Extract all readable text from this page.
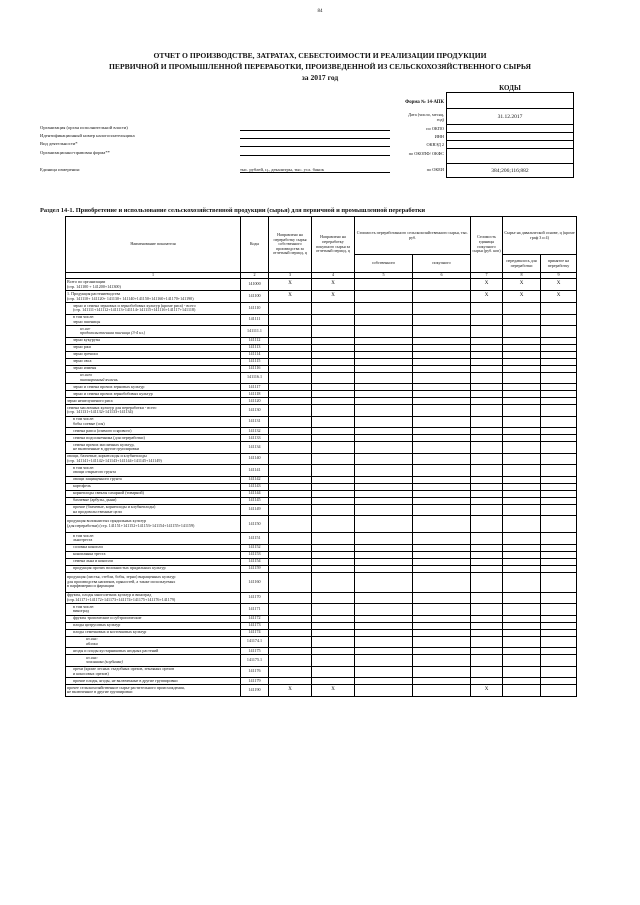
84
ОТЧЕТ О ПРОИЗВОДСТВЕ, ЗАТРАТАХ, СЕБЕСТОИМОСТИ И РЕАЛИЗАЦИИ ПРОДУКЦИИ
ПЕРВИЧНОЙ И ПРОМЫШЛЕННОЙ ПЕРЕРАБОТКИ, ПРОИЗВЕДЕННОЙ ИЗ СЕЛЬСКОХОЗЯЙСТВЕННОГО СЫРЬЯ
за 2017 год
КОДЫ
31.12.2017
384;206;116;882
Форма № 14-АПК
Дата (число, месяц,
год)
по ОКПО
ИНН
ОКВЭД 2
по ОКОПФ/ ОКФС
по ОКЕИ
Организация (орган исполнительной власти)
Идентификационный номер налогоплательщика
Вид деятельности*
Организационно-правовая форма**
Единица измерения:	тыс. рублей, ц., декалитры, тыс. усл. банок
Раздел 14-1. Приобретение и использование сельскохозяйственной продукции (сырья) для первичной и промышленной переработки
Наименование показателя	Коды	Направлено на переработку сырья собственного производства за отчетный период, ц	Направлено на переработку покупного сырья за отчетный период, ц	Стоимость переработанного сельскохозяйственного сырья, тыс. руб.		Стоимость единицы покупного сырья (руб. коп)	Сырье на давальческой основе, ц (кроме граф 3 и 4)	
				собственного	покупного		передавалось для переработки	принятое на переработку
1	2	3	4	5	6	7	8	9
Всего по организации
(стр. 141100 + 141200+141300)	141000	X	X			X	X	X
1. Продукция растениеводства
(стр. 141110+ 141120+ 141130+ 141140+141150+141160+141170+141190)	141100	X	X			X	X	X
зерно и семена зерновых и зернобобовых культур (кроме риса) - всего
(стр. 141111+141112+141113+141114+141115+141116+141117+141118)	141110							
в том числе:
зерно пшеницы	141111							
из нее
продовольственная пшеница (3-4 кл.)	141111.1							
зерно кукурузы	141112							
зерно ржи	141113							
зерно гречихи	141114							
зерно овса	141115							
зерно ячменя	141116							
из него
пивоваренный ячмень	141116.1							
зерно и семена прочих зерновых культур	141117							
зерно и семена прочих зернобобовых культур	141118							
зерно нешелушеного риса	141120							
семена масличных культур для переработки - всего
(стр. 141131+141132+141133+141134)	141130							
в том числе:
бобы соевые (соя)	141131							
семена рапса (озимого и ярового)	141132							
семена подсолнечника (для переработки)	141133							
семена прочих масличных культур,
не включенные в другие группировки	141134							
овощи, бахчевые, корнеплоды и клубнеплоды
(стр. 141141+141142+141143+141144+141145+141149)	141140							
в том числе:
овощи открытого грунта	141141							
овощи защищенного грунта	141142							
картофель	141143							
корнеплоды свеклы сахарной (товарной)	141144							
бахчевые (арбузы, дыни)	141145							
прочие (бахчевые, корнеплоды и клубнеплоды)
на продовольственные цели	141149							
продукция волокнистых прядильных культур
(для переработки) (стр. 141151+141152+141153+141154+141155+141159)	141150							
в том числе:
льнотреста	141151							
соломка конопли	141152							
коноплянка треста	141153							
семена льна и конопли	141154							
продукция прочих волокнистых прядильных культур	141159							
продукция (листья, стебли, бобы, зерно) выращенных культур
для производства напитков, пряностей, а также используемых
в парфюмерии и фармации	141160							
фрукты, плоды многолетних культур и виноград
(стр.141171+141172+141173+141174+141175+141176+141179)	141170							
в том числе:
виноград	141171							
фрукты тропические и субтропические	141172							
плоды цитрусовых культур	141173							
плоды семечковых и косточковых культур	141174							
из них:
яблоки	141174.1							
ягоды и плоды кустарниковых ягодных растений	141175							
из них:
земляника (клубника)	141175.1							
орехи (кроме лесных съедобных орехов, земляных орехов
и кокосовых орехов)	141176							
прочие плоды, ягоды, не включенные в другие группировки	141179							
прочее сельскохозяйственное сырье растительного происхождения,
не включенное в другие группировки	141190	X	X			X		
